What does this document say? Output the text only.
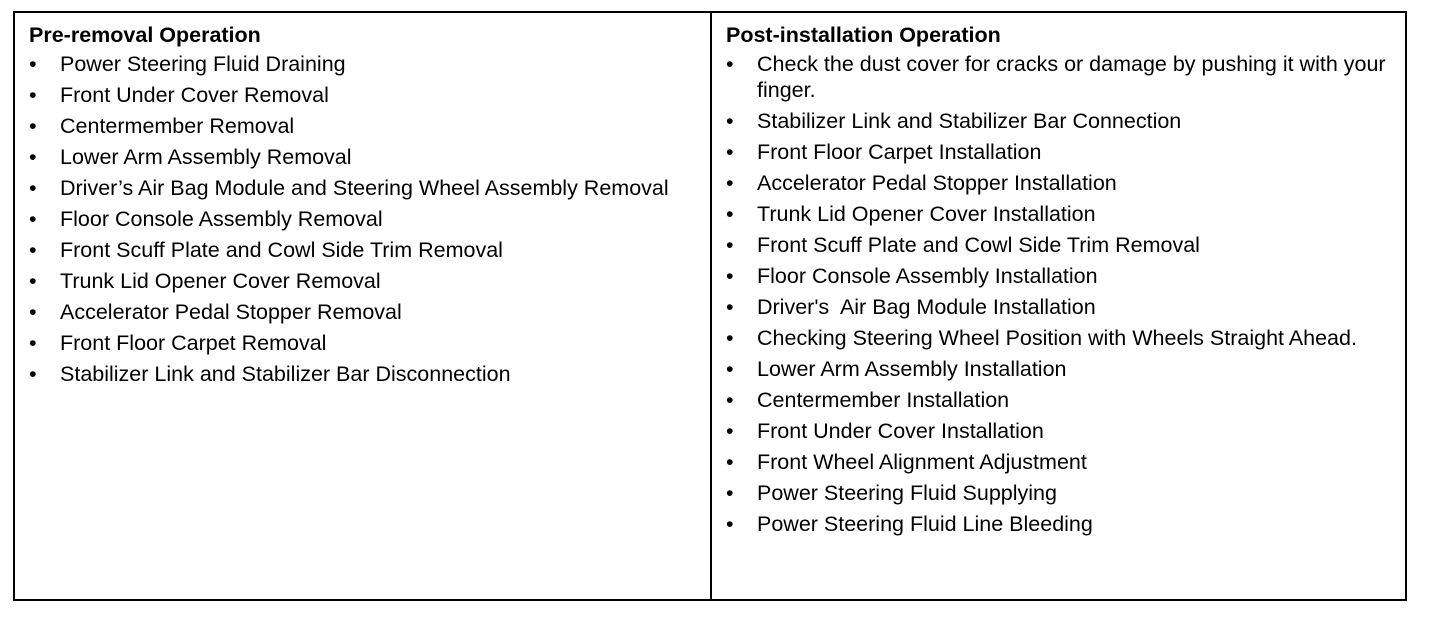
Pre-removal Operation
• Power Steering Fluid Draining
• Front Under Cover Removal
• Centermember Removal
• Lower Arm Assembly Removal
• Driver’s Air Bag Module and Steering Wheel Assembly Removal
• Floor Console Assembly Removal
• Front Scuff Plate and Cowl Side Trim Removal
• Trunk Lid Opener Cover Removal
• Accelerator Pedal Stopper Removal
• Front Floor Carpet Removal
• Stabilizer Link and Stabilizer Bar Disconnection
Post-installation Operation
• Check the dust cover for cracks or damage by pushing it with your finger.
• Stabilizer Link and Stabilizer Bar Connection
• Front Floor Carpet Installation
• Accelerator Pedal Stopper Installation
• Trunk Lid Opener Cover Installation
• Front Scuff Plate and Cowl Side Trim Removal
• Floor Console Assembly Installation
• Driver's  Air Bag Module Installation
• Checking Steering Wheel Position with Wheels Straight Ahead.
• Lower Arm Assembly Installation
• Centermember Installation
• Front Under Cover Installation
• Front Wheel Alignment Adjustment
• Power Steering Fluid Supplying
• Power Steering Fluid Line Bleeding
